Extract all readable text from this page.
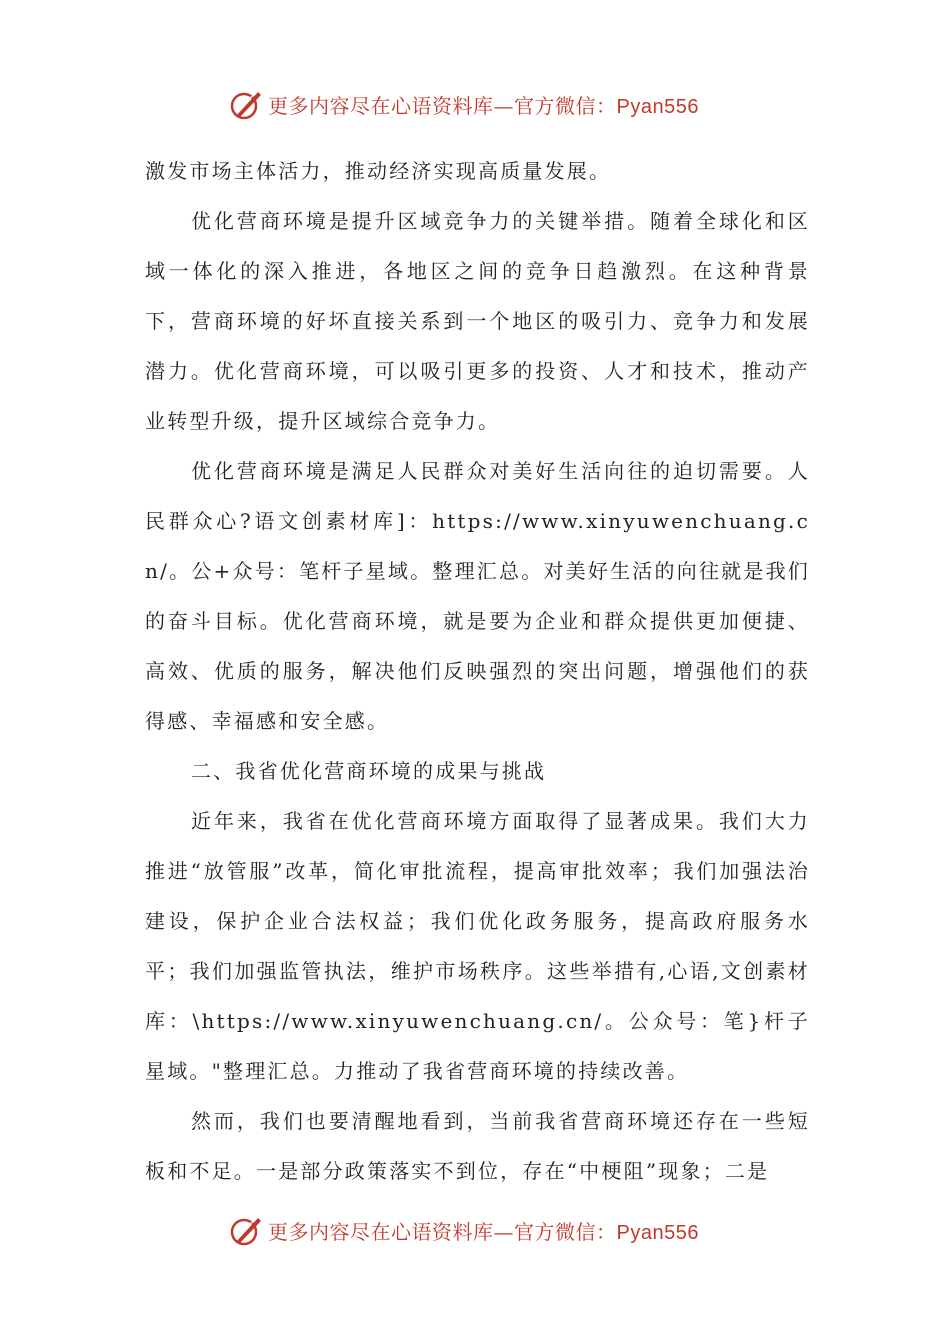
更多内容尽在心语资料库—官方微信：Pyan556

激发市场主体活力，推动经济实现高质量发展。

优化营商环境是提升区域竞争力的关键举措。随着全球化和区域一体化的深入推进，各地区之间的竞争日趋激烈。在这种背景下，营商环境的好坏直接关系到一个地区的吸引力、竞争力和发展潜力。优化营商环境，可以吸引更多的投资、人才和技术，推动产业转型升级，提升区域综合竞争力。

优化营商环境是满足人民群众对美好生活向往的迫切需要。人民群众心?语文创素材库]：https://www.xinyuwenchuang.cn/。公+众号：笔杆子星域。整理汇总。对美好生活的向往就是我们的奋斗目标。优化营商环境，就是要为企业和群众提供更加便捷、高效、优质的服务，解决他们反映强烈的突出问题，增强他们的获得感、幸福感和安全感。

二、我省优化营商环境的成果与挑战

近年来，我省在优化营商环境方面取得了显著成果。我们大力推进“放管服”改革，简化审批流程，提高审批效率；我们加强法治建设，保护企业合法权益；我们优化政务服务，提高政府服务水平；我们加强监管执法，维护市场秩序。这些举措有,心语,文创素材库：\https://www.xinyuwenchuang.cn/。公众号：笔}杆子星域。"整理汇总。力推动了我省营商环境的持续改善。

然而，我们也要清醒地看到，当前我省营商环境还存在一些短板和不足。一是部分政策落实不到位，存在“中梗阻”现象；二是

更多内容尽在心语资料库—官方微信：Pyan556
